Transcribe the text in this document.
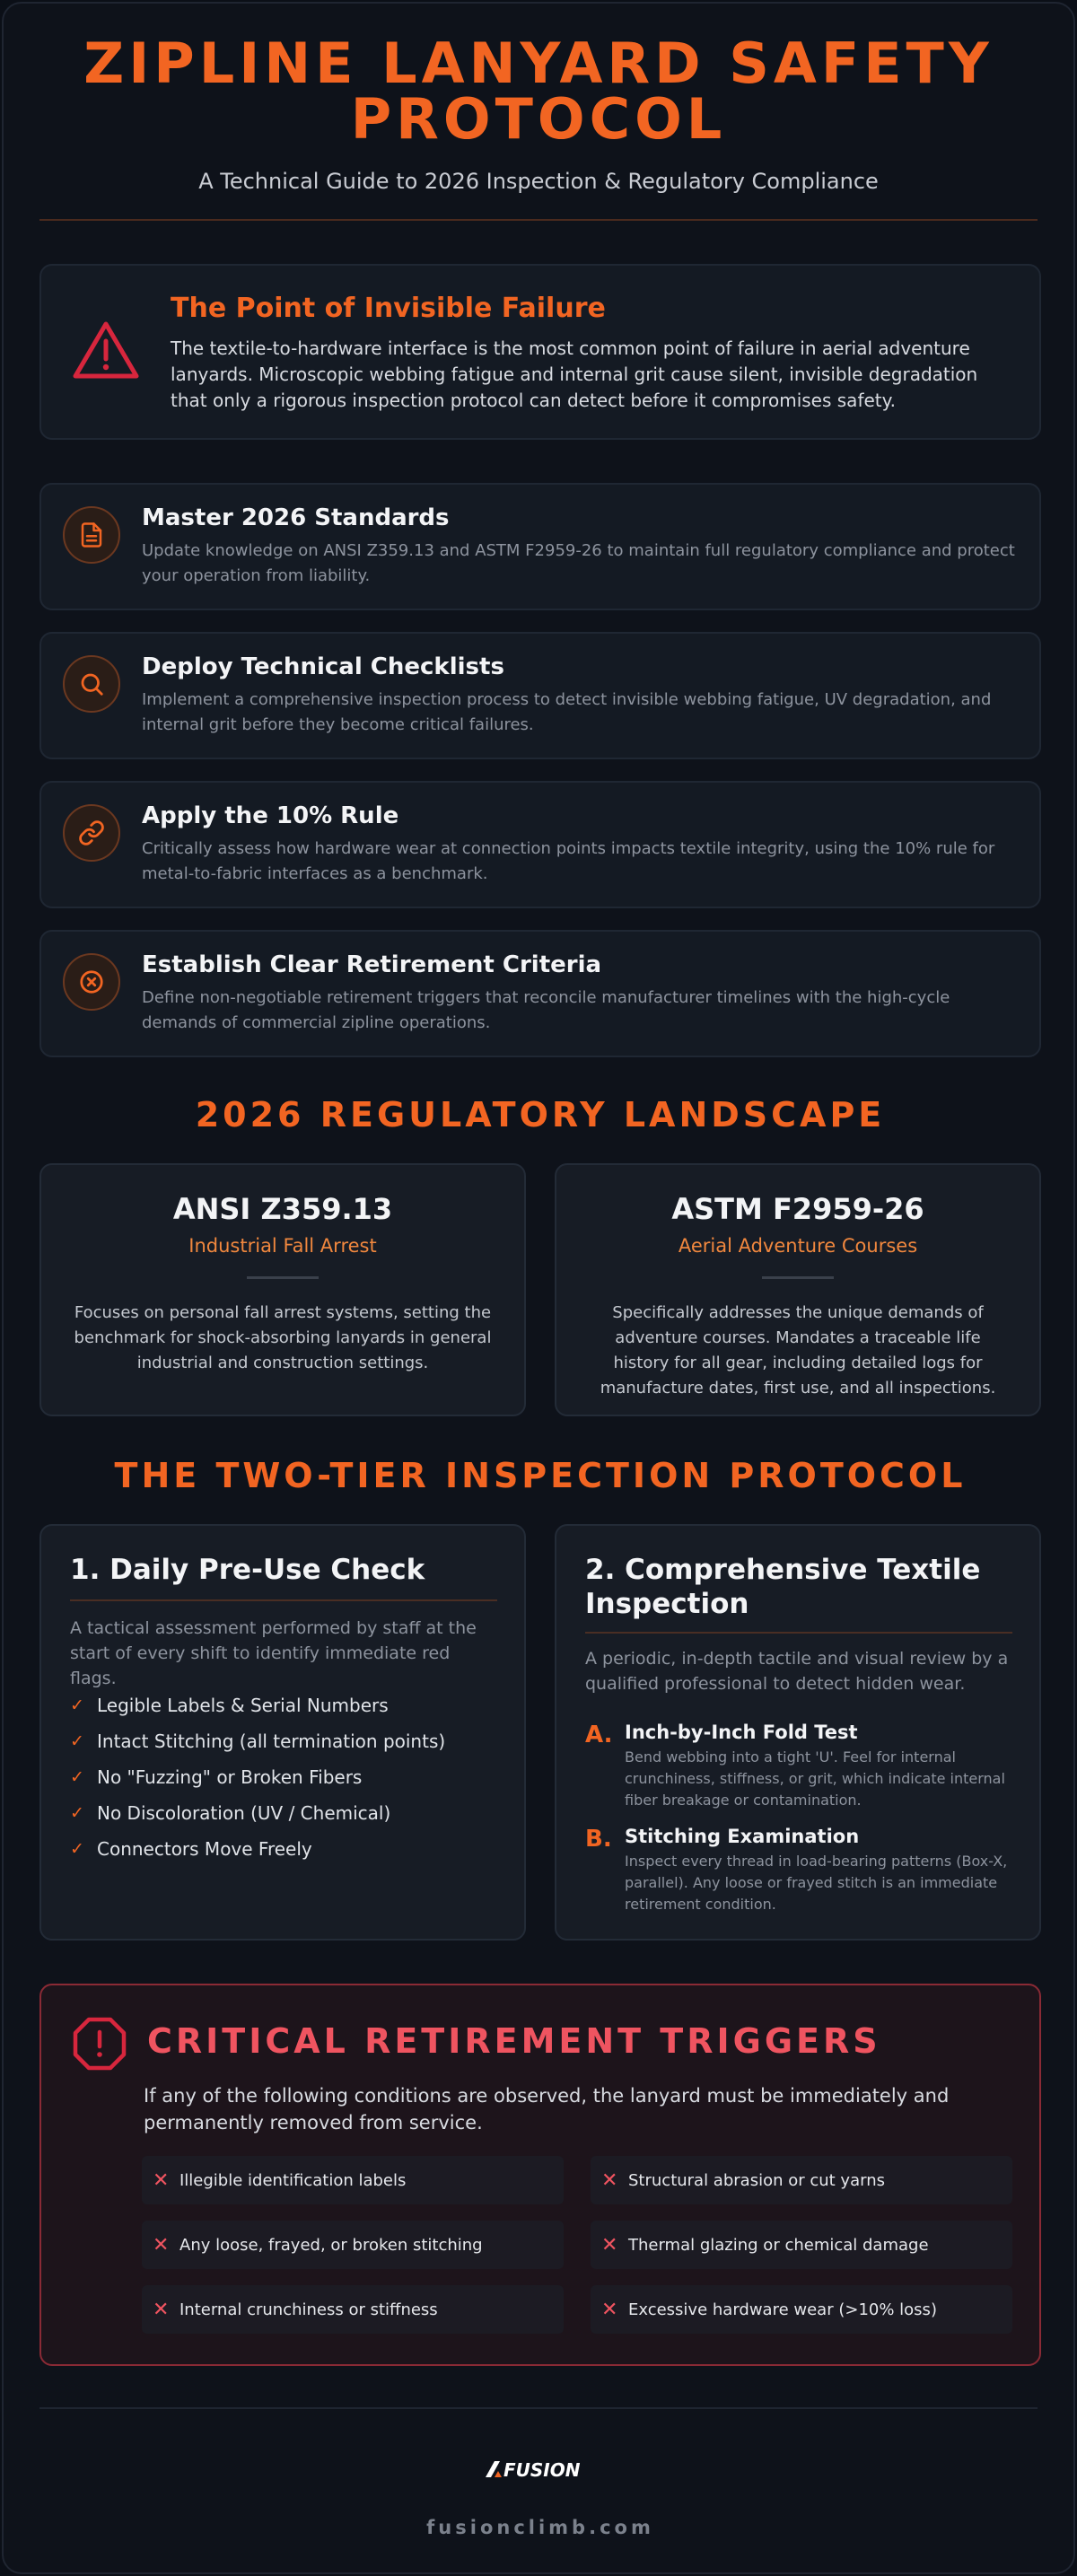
ZIPLINE LANYARD SAFETY
PROTOCOL
A Technical Guide to 2026 Inspection & Regulatory Compliance
The Point of Invisible Failure
The textile-to-hardware interface is the most common point of failure in aerial adventure lanyards. Microscopic webbing fatigue and internal grit cause silent, invisible degradation that only a rigorous inspection protocol can detect before it compromises safety.
Master 2026 Standards
Update knowledge on ANSI Z359.13 and ASTM F2959-26 to maintain full regulatory compliance and protect your operation from liability.
Deploy Technical Checklists
Implement a comprehensive inspection process to detect invisible webbing fatigue, UV degradation, and internal grit before they become critical failures.
Apply the 10% Rule
Critically assess how hardware wear at connection points impacts textile integrity, using the 10% rule for metal-to-fabric interfaces as a benchmark.
Establish Clear Retirement Criteria
Define non-negotiable retirement triggers that reconcile manufacturer timelines with the high-cycle demands of commercial zipline operations.
2026 REGULATORY LANDSCAPE
ANSI Z359.13
Industrial Fall Arrest
Focuses on personal fall arrest systems, setting the benchmark for shock-absorbing lanyards in general industrial and construction settings.
ASTM F2959-26
Aerial Adventure Courses
Specifically addresses the unique demands of adventure courses. Mandates a traceable life history for all gear, including detailed logs for manufacture dates, first use, and all inspections.
THE TWO-TIER INSPECTION PROTOCOL
1. Daily Pre-Use Check
A tactical assessment performed by staff at the start of every shift to identify immediate red flags.
✓ Legible Labels & Serial Numbers
✓ Intact Stitching (all termination points)
✓ No "Fuzzing" or Broken Fibers
✓ No Discoloration (UV / Chemical)
✓ Connectors Move Freely
2. Comprehensive Textile Inspection
A periodic, in-depth tactile and visual review by a qualified professional to detect hidden wear.
A. Inch-by-Inch Fold Test
Bend webbing into a tight 'U'. Feel for internal crunchiness, stiffness, or grit, which indicate internal fiber breakage or contamination.
B. Stitching Examination
Inspect every thread in load-bearing patterns (Box-X, parallel). Any loose or frayed stitch is an immediate retirement condition.
CRITICAL RETIREMENT TRIGGERS
If any of the following conditions are observed, the lanyard must be immediately and permanently removed from service.
✕ Illegible identification labels	✕ Structural abrasion or cut yarns
✕ Any loose, frayed, or broken stitching	✕ Thermal glazing or chemical damage
✕ Internal crunchiness or stiffness	✕ Excessive hardware wear (>10% loss)
FUSION
fusionclimb.com
